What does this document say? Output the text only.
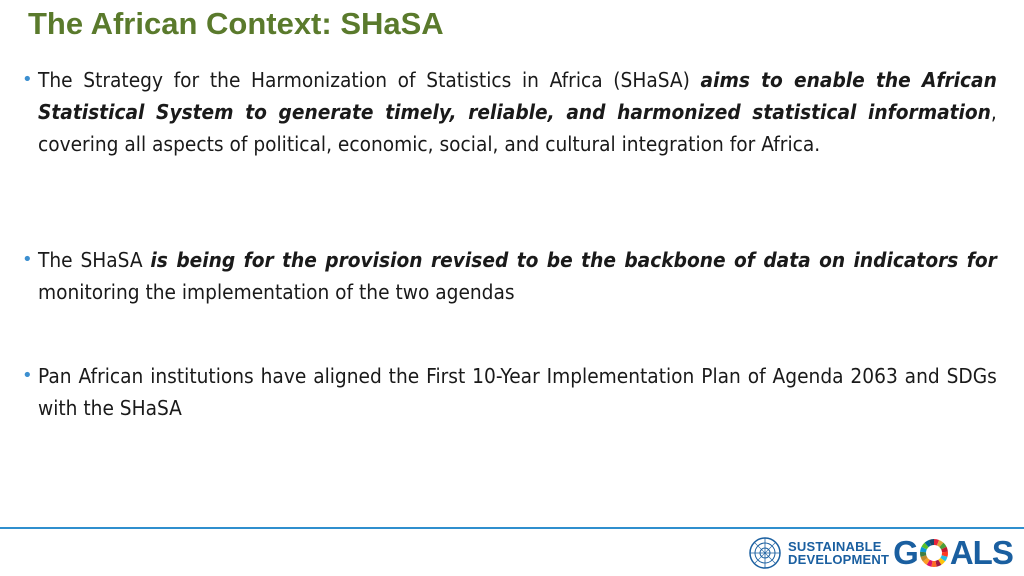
The African Context: SHaSA
• The Strategy for the Harmonization of Statistics in Africa (SHaSA) aims to enable the African Statistical System to generate timely, reliable, and harmonized statistical information, covering all aspects of political, economic, social, and cultural integration for Africa.
• The SHaSA is being for the provision revised to be the backbone of data on indicators for monitoring the implementation of the two agendas
• Pan African institutions have aligned the First 10-Year Implementation Plan of Agenda 2063 and SDGs with the SHaSA
SUSTAINABLE
DEVELOPMENT G ALS
